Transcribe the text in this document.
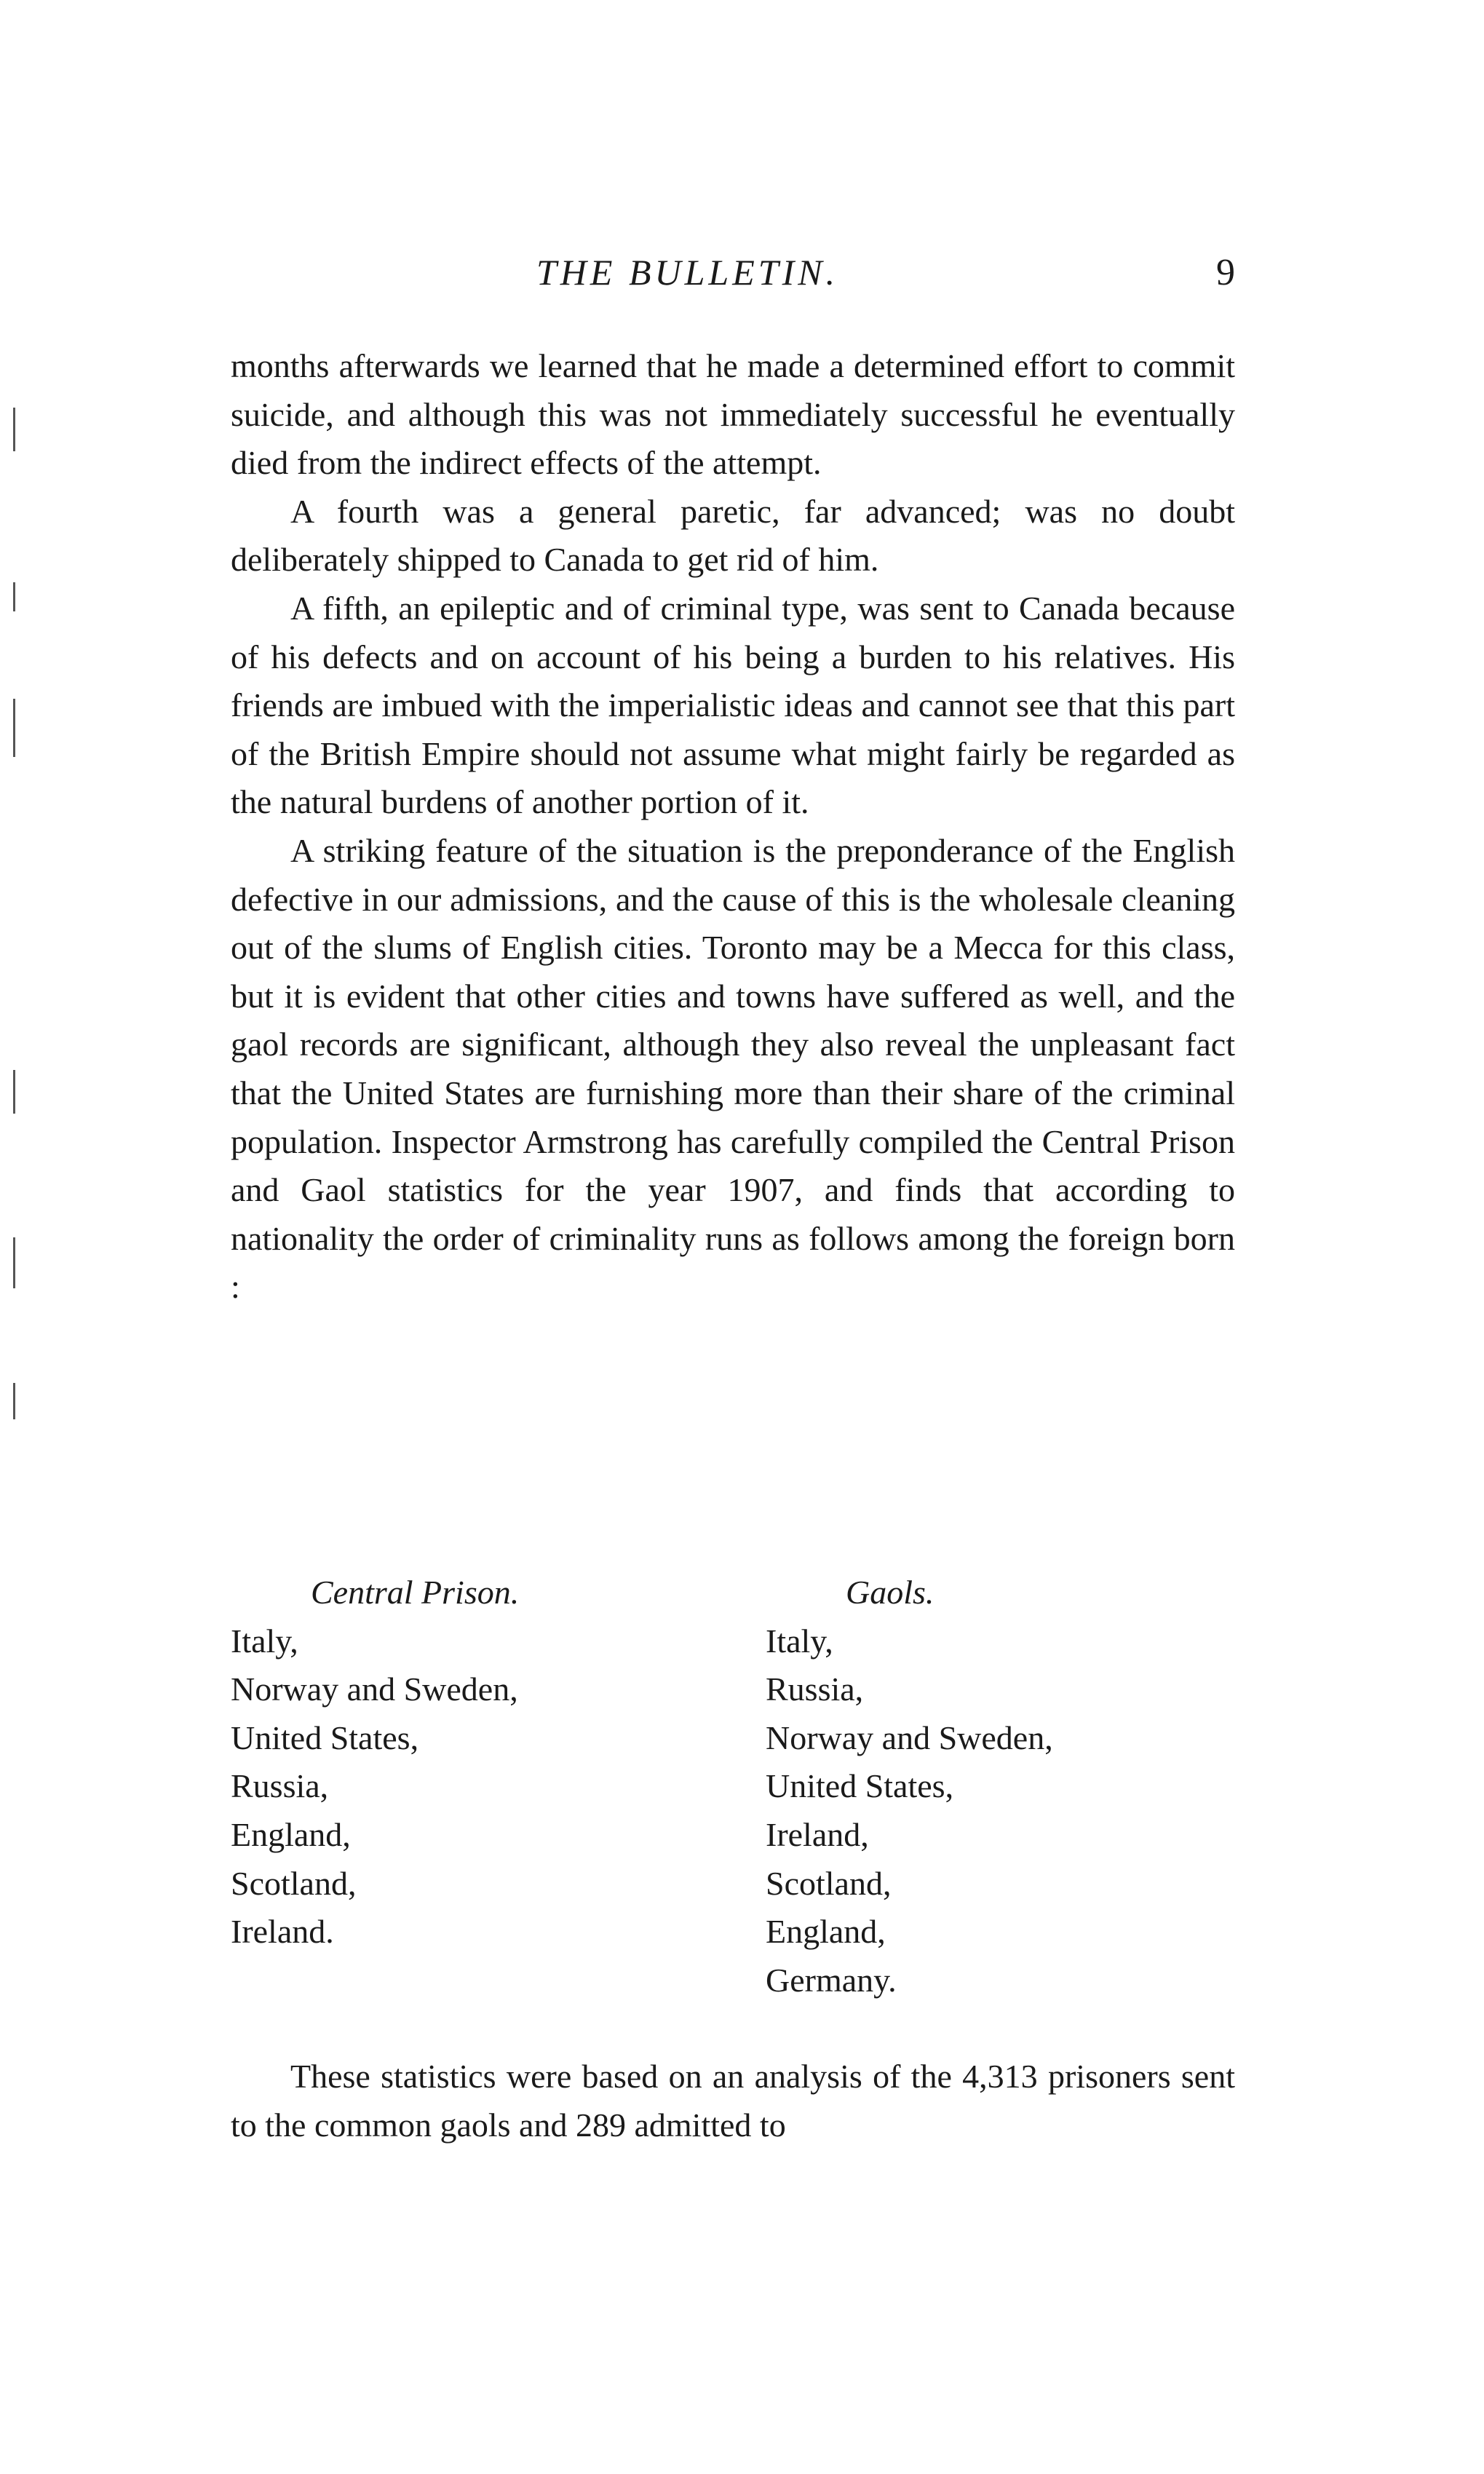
THE BULLETIN.	9

months afterwards we learned that he made a determined effort to commit suicide, and although this was not immediately successful he eventually died from the indirect effects of the attempt.

A fourth was a general paretic, far advanced; was no doubt deliberately shipped to Canada to get rid of him.

A fifth, an epileptic and of criminal type, was sent to Canada because of his defects and on account of his being a burden to his relatives. His friends are imbued with the imperialistic ideas and cannot see that this part of the British Empire should not assume what might fairly be regarded as the natural burdens of another portion of it.

A striking feature of the situation is the preponderance of the English defective in our admissions, and the cause of this is the wholesale cleaning out of the slums of English cities. Toronto may be a Mecca for this class, but it is evident that other cities and towns have suffered as well, and the gaol records are significant, although they also reveal the unpleasant fact that the United States are furnishing more than their share of the criminal population. Inspector Armstrong has carefully compiled the Central Prison and Gaol statistics for the year 1907, and finds that according to nationality the order of criminality runs as follows among the foreign born :

Central Prison.

Italy,
Norway and Sweden,
United States,
Russia,
England,
Scotland,
Ireland.

Gaols.

Italy,
Russia,
Norway and Sweden,
United States,
Ireland,
Scotland,
England,
Germany.

These statistics were based on an analysis of the 4,313 prisoners sent to the common gaols and 289 admitted to
